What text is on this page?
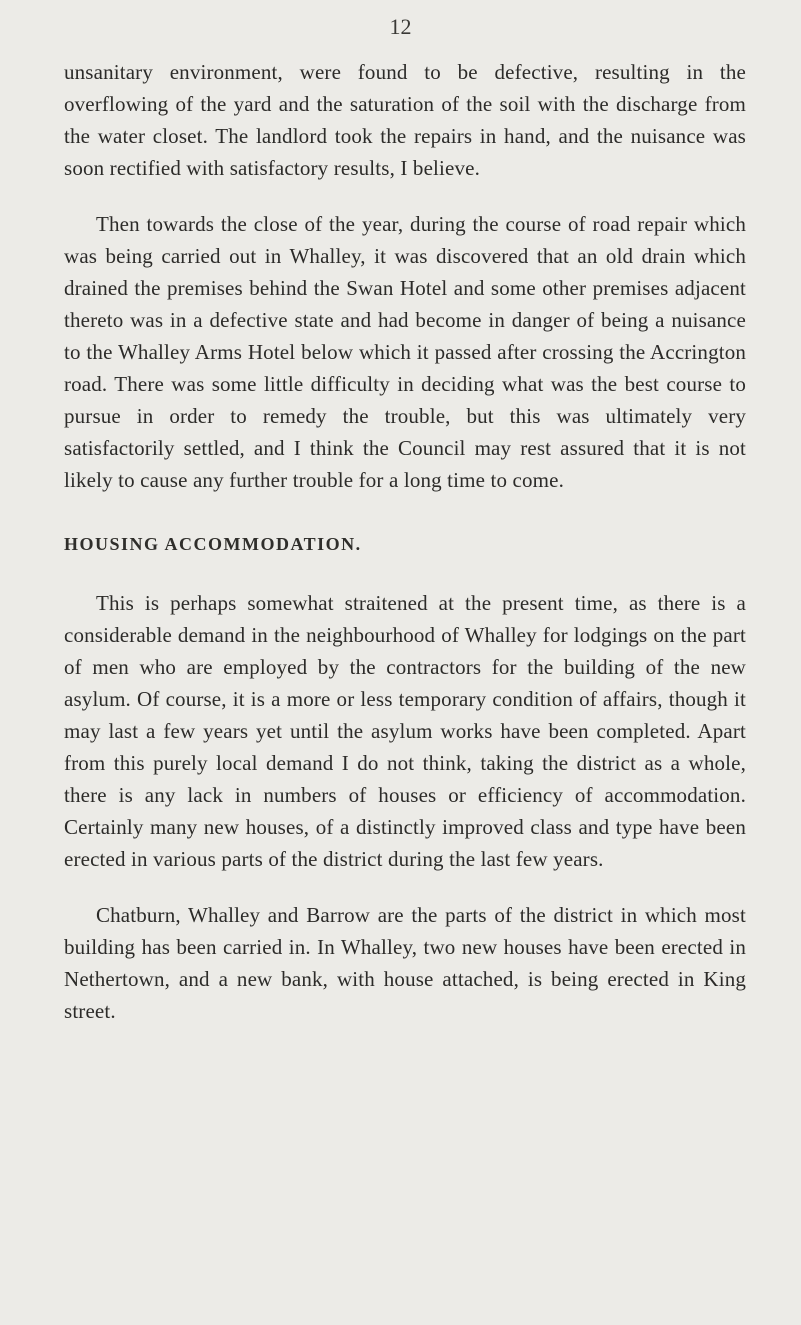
12

unsanitary environment, were found to be defective, resulting in the overflowing of the yard and the saturation of the soil with the discharge from the water closet. The landlord took the repairs in hand, and the nuisance was soon rectified with satisfactory results, I believe.

Then towards the close of the year, during the course of road repair which was being carried out in Whalley, it was discovered that an old drain which drained the premises behind the Swan Hotel and some other premises adjacent thereto was in a defective state and had become in danger of being a nuisance to the Whalley Arms Hotel below which it passed after crossing the Accrington road. There was some little difficulty in deciding what was the best course to pursue in order to remedy the trouble, but this was ultimately very satisfactorily settled, and I think the Council may rest assured that it is not likely to cause any further trouble for a long time to come.

HOUSING ACCOMMODATION.

This is perhaps somewhat straitened at the present time, as there is a considerable demand in the neighbourhood of Whalley for lodgings on the part of men who are employed by the contractors for the building of the new asylum. Of course, it is a more or less temporary condition of affairs, though it may last a few years yet until the asylum works have been completed. Apart from this purely local demand I do not think, taking the district as a whole, there is any lack in numbers of houses or efficiency of accommodation. Certainly many new houses, of a distinctly improved class and type have been erected in various parts of the district during the last few years.

Chatburn, Whalley and Barrow are the parts of the district in which most building has been carried in. In Whalley, two new houses have been erected in Nethertown, and a new bank, with house attached, is being erected in King street.
